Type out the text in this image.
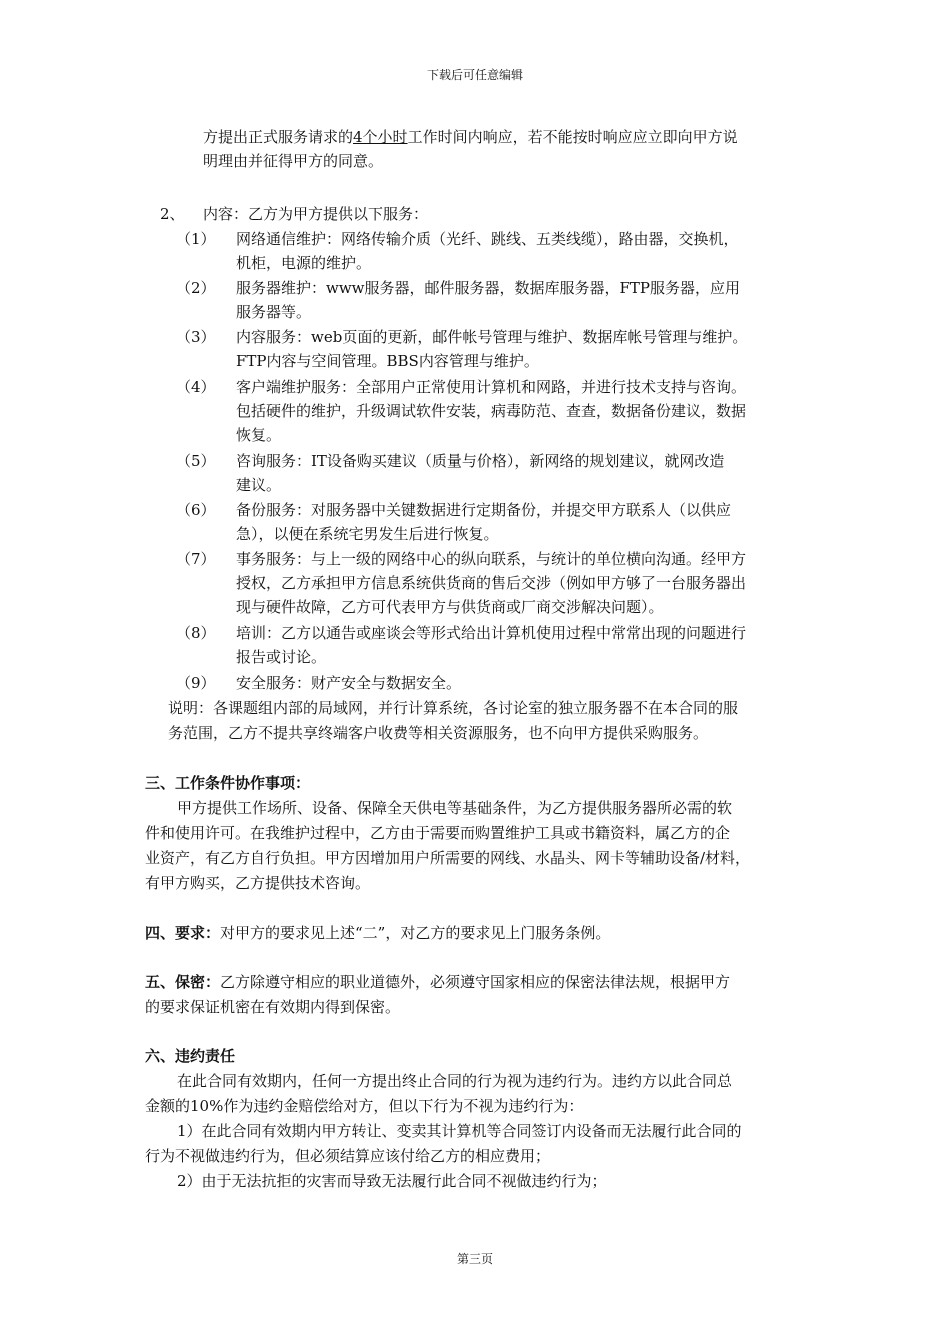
下载后可任意编辑
方提出正式服务请求的4个小时工作时间内响应，若不能按时响应应立即向甲方说
明理由并征得甲方的同意。
2、 内容：乙方为甲方提供以下服务：
（1） 网络通信维护：网络传输介质（光纤、跳线、五类线缆），路由器，交换机，
机柜，电源的维护。
（2） 服务器维护：www服务器，邮件服务器，数据库服务器，FTP服务器，应用
服务器等。
（3） 内容服务：web页面的更新，邮件帐号管理与维护、数据库帐号管理与维护。
FTP内容与空间管理。BBS内容管理与维护。
（4） 客户端维护服务：全部用户正常使用计算机和网路，并进行技术支持与咨询。
包括硬件的维护，升级调试软件安装，病毒防范、查查，数据备份建议，数据
恢复。
（5） 咨询服务：IT设备购买建议（质量与价格），新网络的规划建议，就网改造
建议。
（6） 备份服务：对服务器中关键数据进行定期备份，并提交甲方联系人（以供应
急），以便在系统宅男发生后进行恢复。
（7） 事务服务：与上一级的网络中心的纵向联系，与统计的单位横向沟通。经甲方
授权，乙方承担甲方信息系统供货商的售后交涉（例如甲方够了一台服务器出
现与硬件故障，乙方可代表甲方与供货商或厂商交涉解决问题）。
（8） 培训：乙方以通告或座谈会等形式给出计算机使用过程中常常出现的问题进行
报告或讨论。
（9） 安全服务：财产安全与数据安全。
说明：各课题组内部的局域网，并行计算系统，各讨论室的独立服务器不在本合同的服
务范围，乙方不提共享终端客户收费等相关资源服务，也不向甲方提供采购服务。
三、工作条件协作事项：
甲方提供工作场所、设备、保障全天供电等基础条件，为乙方提供服务器所必需的软
件和使用许可。在我维护过程中，乙方由于需要而购置维护工具或书籍资料，属乙方的企
业资产，有乙方自行负担。甲方因增加用户所需要的网线、水晶头、网卡等辅助设备/材料，
有甲方购买，乙方提供技术咨询。
四、要求：对甲方的要求见上述“二”，对乙方的要求见上门服务条例。
五、保密：乙方除遵守相应的职业道德外，必须遵守国家相应的保密法律法规，根据甲方
的要求保证机密在有效期内得到保密。
六、违约责任
在此合同有效期内，任何一方提出终止合同的行为视为违约行为。违约方以此合同总
金额的10%作为违约金赔偿给对方，但以下行为不视为违约行为：
1）在此合同有效期内甲方转让、变卖其计算机等合同签订内设备而无法履行此合同的
行为不视做违约行为，但必须结算应该付给乙方的相应费用；
2）由于无法抗拒的灾害而导致无法履行此合同不视做违约行为；
第三页
